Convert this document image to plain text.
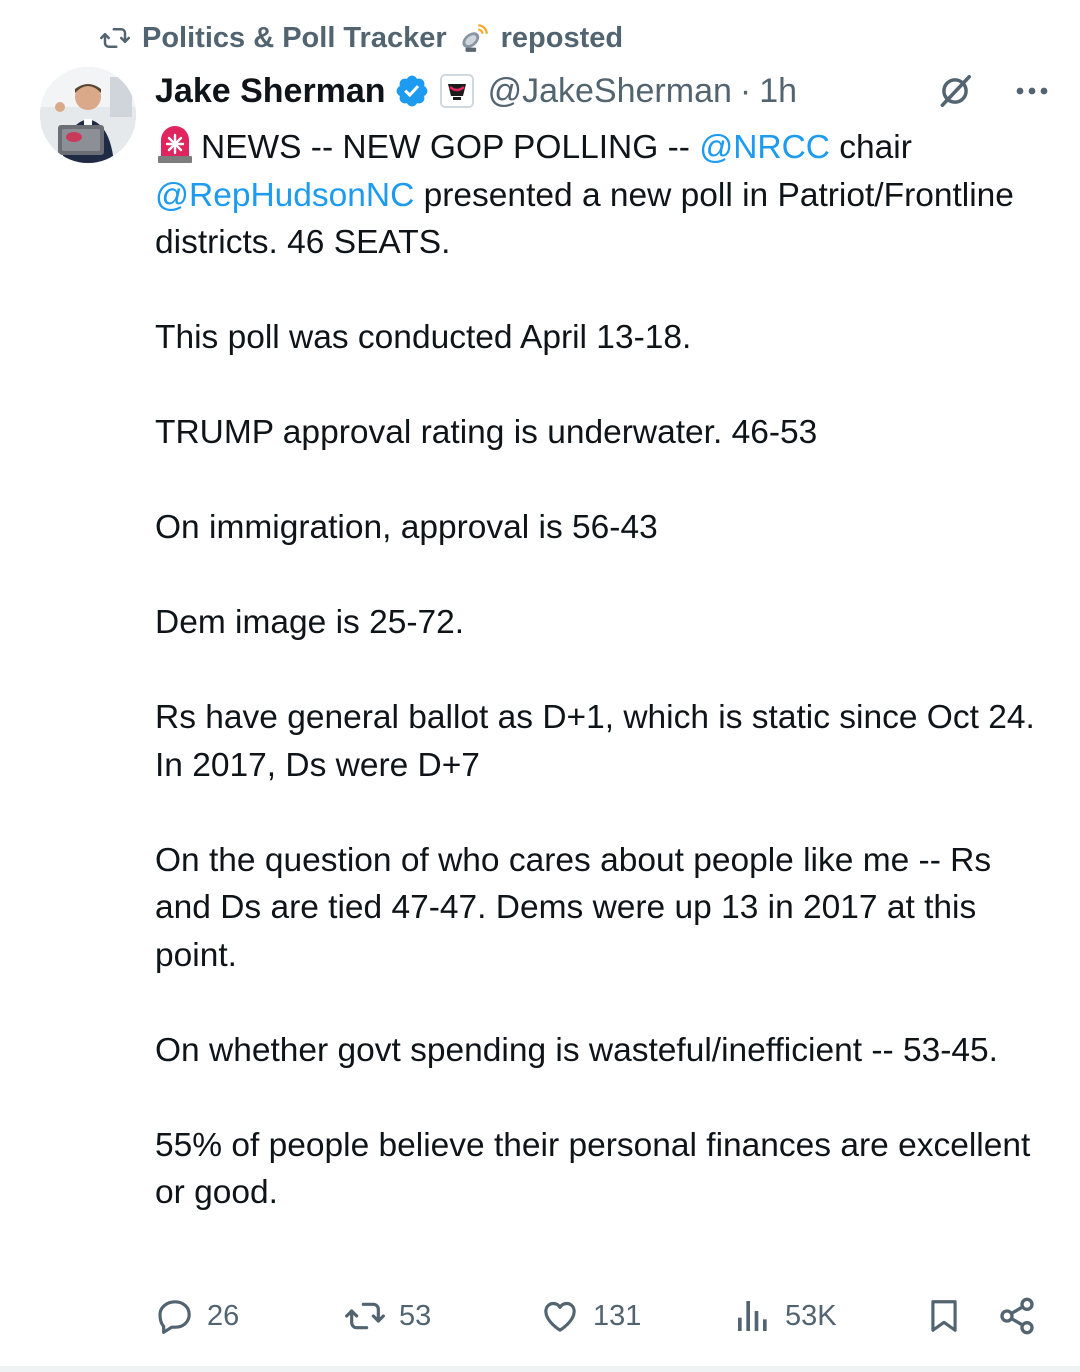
Politics & Poll Tracker reposted
Jake Sherman	@JakeSherman · 1h

NEWS -- NEW GOP POLLING -- @NRCC chair
@RepHudsonNC presented a new poll in Patriot/Frontline districts. 46 SEATS.

This poll was conducted April 13-18.

TRUMP approval rating is underwater. 46-53

On immigration, approval is 56-43

Dem image is 25-72.

Rs have general ballot as D+1, which is static since Oct 24. In 2017, Ds were D+7

On the question of who cares about people like me -- Rs and Ds are tied 47-47. Dems were up 13 in 2017 at this point.

On whether govt spending is wasteful/inefficient -- 53-45.

55% of people believe their personal finances are excellent or good.

26	53	131	53K
